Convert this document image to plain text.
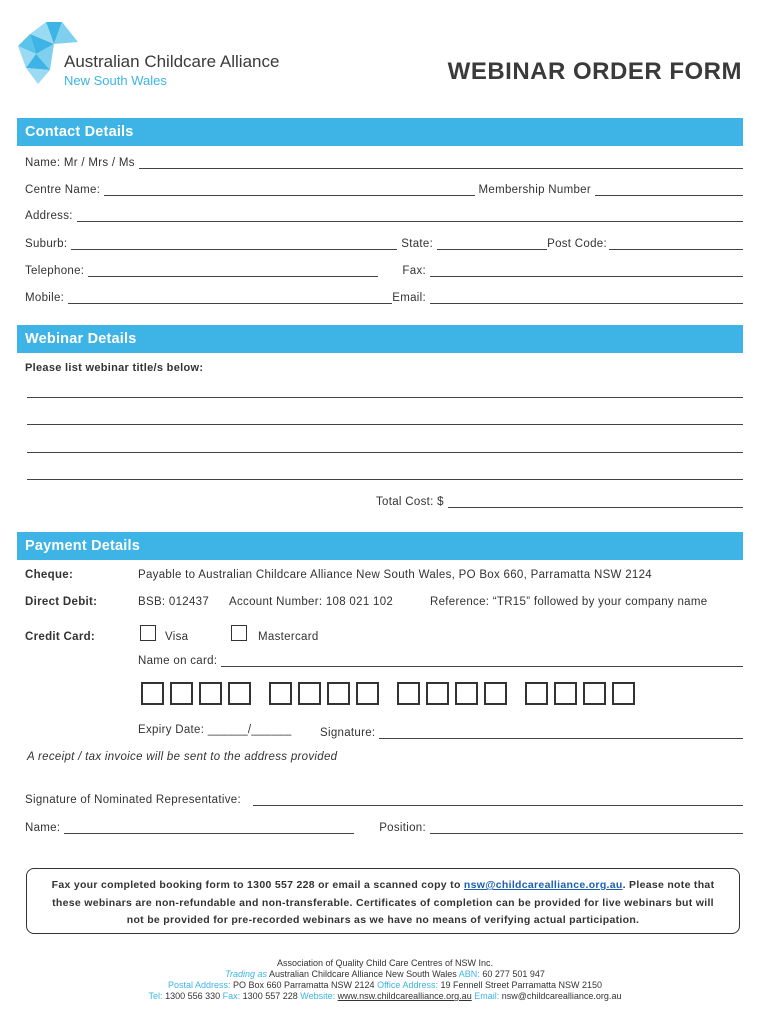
Australian Childcare Alliance
New South Wales	WEBINAR ORDER FORM
Contact Details
Name: Mr / Mrs / Ms
Centre Name:	Membership Number
Address:
Suburb:	State:	Post Code:
Telephone:	Fax:
Mobile:	Email:
Webinar Details
Please list webinar title/s below:
Total Cost: $
Payment Details
Cheque:	Payable to Australian Childcare Alliance New South Wales, PO Box 660, Parramatta NSW 2124
Direct Debit:	BSB: 012437 Account Number: 108 021 102	Reference: “TR15” followed by your company name
Credit Card:	Visa	Mastercard
Name on card:
Expiry Date: ______/______ Signature:
A receipt / tax invoice will be sent to the address provided
Signature of Nominated Representative:
Name:	Position:
Fax your completed booking form to 1300 557 228 or email a scanned copy to nsw@childcarealliance.org.au. Please note that
these webinars are non-refundable and non-transferable. Certificates of completion can be provided for live webinars but will
not be provided for pre-recorded webinars as we have no means of verifying actual participation.
Association of Quality Child Care Centres of NSW Inc.
Trading as Australian Childcare Alliance New South Wales ABN: 60 277 501 947
Postal Address: PO Box 660 Parramatta NSW 2124 Office Address: 19 Fennell Street Parramatta NSW 2150
Tel: 1300 556 330 Fax: 1300 557 228 Website: www.nsw.childcarealliance.org.au Email: nsw@childcarealliance.org.au
